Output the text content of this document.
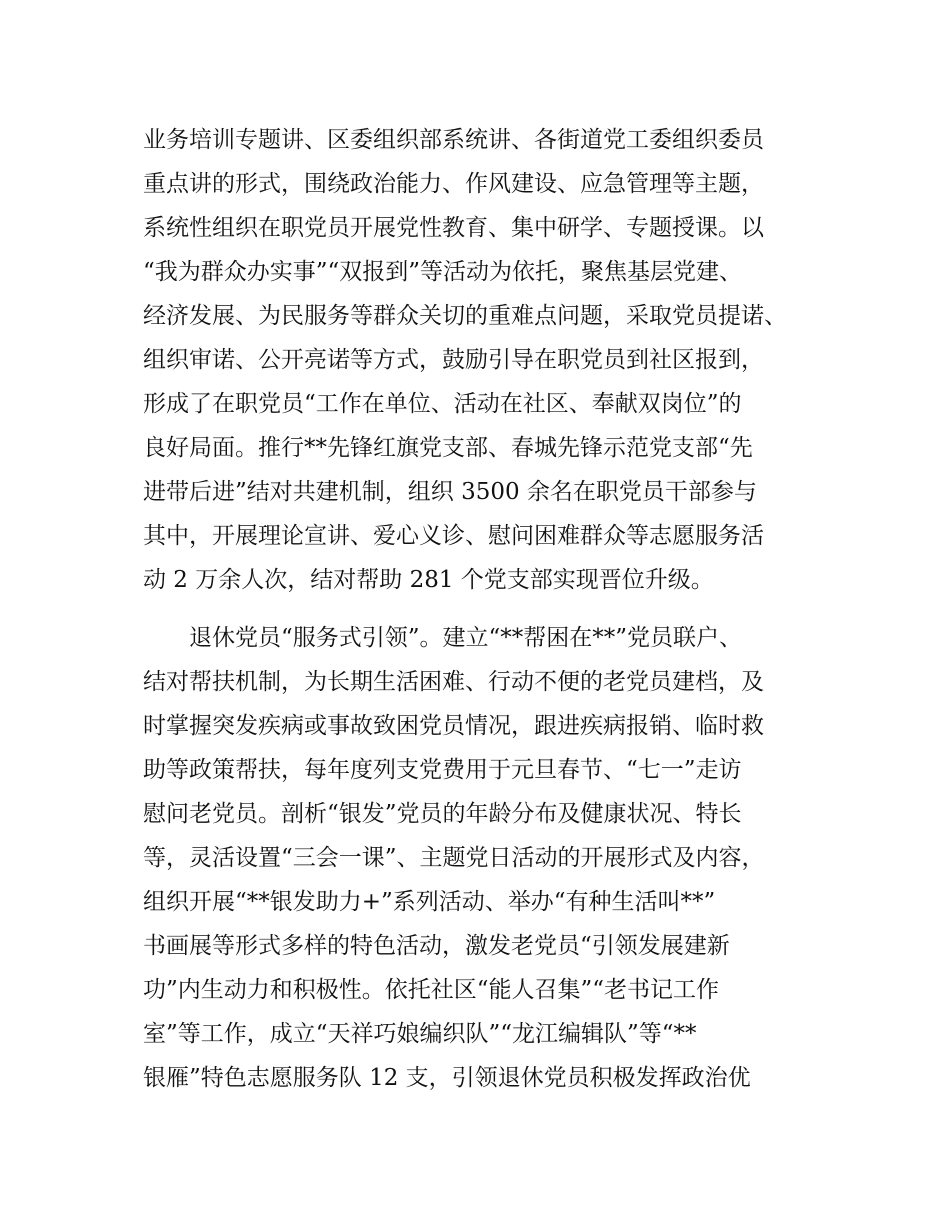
业务培训专题讲、区委组织部系统讲、各街道党工委组织委员
重点讲的形式，围绕政治能力、作风建设、应急管理等主题，
系统性组织在职党员开展党性教育、集中研学、专题授课。以
“我为群众办实事”“双报到”等活动为依托，聚焦基层党建、
经济发展、为民服务等群众关切的重难点问题，采取党员提诺、
组织审诺、公开亮诺等方式，鼓励引导在职党员到社区报到，
形成了在职党员“工作在单位、活动在社区、奉献双岗位”的
良好局面。推行**先锋红旗党支部、春城先锋示范党支部“先
进带后进”结对共建机制，组织 3500 余名在职党员干部参与
其中，开展理论宣讲、爱心义诊、慰问困难群众等志愿服务活
动 2 万余人次，结对帮助 281 个党支部实现晋位升级。
退休党员“服务式引领”。建立“**帮困在**”党员联户、
结对帮扶机制，为长期生活困难、行动不便的老党员建档，及
时掌握突发疾病或事故致困党员情况，跟进疾病报销、临时救
助等政策帮扶，每年度列支党费用于元旦春节、“七一”走访
慰问老党员。剖析“银发”党员的年龄分布及健康状况、特长
等，灵活设置“三会一课”、主题党日活动的开展形式及内容，
组织开展“**银发助力+”系列活动、举办“有种生活叫**”
书画展等形式多样的特色活动，激发老党员“引领发展建新
功”内生动力和积极性。依托社区“能人召集”“老书记工作
室”等工作，成立“天祥巧娘编织队”“龙江编辑队”等“**
银雁”特色志愿服务队 12 支，引领退休党员积极发挥政治优
